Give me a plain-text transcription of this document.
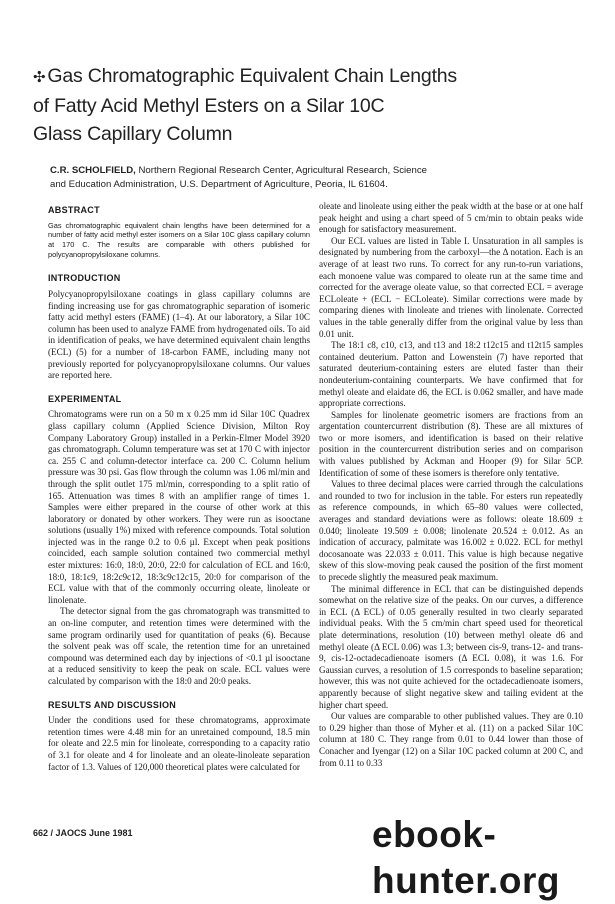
✣ Gas Chromatographic Equivalent Chain Lengths
of Fatty Acid Methyl Esters on a Silar 10C
Glass Capillary Column
C.R. SCHOLFIELD, Northern Regional Research Center, Agricultural Research, Science
and Education Administration, U.S. Department of Agriculture, Peoria, IL 61604.
ABSTRACT
Gas chromatographic equivalent chain lengths have been determined for a number of fatty acid methyl ester isomers on a Silar 10C glass capillary column at 170 C. The results are comparable with others published for polycyanopropylsiloxane columns.
INTRODUCTION

Polycyanopropylsiloxane coatings in glass capillary columns are finding increasing use for gas chromatographic separation of isomeric fatty acid methyl esters (FAME) (1–4). At our laboratory, a Silar 10C column has been used to analyze FAME from hydrogenated oils. To aid in identification of peaks, we have determined equivalent chain lengths (ECL) (5) for a number of 18-carbon FAME, including many not previously reported for polycyanopropylsiloxane columns. Our values are reported here.

EXPERIMENTAL

Chromatograms were run on a 50 m x 0.25 mm id Silar 10C Quadrex glass capillary column (Applied Science Division, Milton Roy Company Laboratory Group) installed in a Perkin-Elmer Model 3920 gas chromatograph. Column temperature was set at 170 C with injector ca. 255 C and column-detector interface ca. 200 C. Column helium pressure was 30 psi. Gas flow through the column was 1.06 ml/min and through the split outlet 175 ml/min, corresponding to a split ratio of 165. Attenuation was times 8 with an amplifier range of times 1. Samples were either prepared in the course of other work at this laboratory or donated by other workers. They were run as isooctane solutions (usually 1%) mixed with reference compounds. Total solution injected was in the range 0.2 to 0.6 µl. Except when peak positions coincided, each sample solution contained two commercial methyl ester mixtures: 16:0, 18:0, 20:0, 22:0 for calculation of ECL and 16:0, 18:0, 18:1c9, 18:2c9c12, 18:3c9c12c15, 20:0 for comparison of the ECL value with that of the commonly occurring oleate, linoleate or linolenate.

The detector signal from the gas chromatograph was transmitted to an on-line computer, and retention times were determined with the same program ordinarily used for quantitation of peaks (6). Because the solvent peak was off scale, the retention time for an unretained compound was determined each day by injections of <0.1 µl isooctane at a reduced sensitivity to keep the peak on scale. ECL values were calculated by comparison with the 18:0 and 20:0 peaks.

RESULTS AND DISCUSSION

Under the conditions used for these chromatograms, approximate retention times were 4.48 min for an unretained compound, 18.5 min for oleate and 22.5 min for linoleate, corresponding to a capacity ratio of 3.1 for oleate and 4 for linoleate and an oleate-linoleate separation factor of 1.3. Values of 120,000 theoretical plates were calculated for

oleate and linoleate using either the peak width at the base or at one half peak height and using a chart speed of 5 cm/min to obtain peaks wide enough for satisfactory measurement.

Our ECL values are listed in Table I. Unsaturation in all samples is designated by numbering from the carboxyl—the Δ notation. Each is an average of at least two runs. To correct for any run-to-run variations, each monoene value was compared to oleate run at the same time and corrected for the average oleate value, so that corrected ECL = average ECLoleate + (ECL − ECLoleate). Similar corrections were made by comparing dienes with linoleate and trienes with linolenate. Corrected values in the table generally differ from the original value by less than 0.01 unit.

The 18:1 c8, c10, c13, and t13 and 18:2 t12c15 and t12t15 samples contained deuterium. Patton and Lowenstein (7) have reported that saturated deuterium-containing esters are eluted faster than their nondeuterium-containing counterparts. We have confirmed that for methyl oleate and elaidate d6, the ECL is 0.062 smaller, and have made appropriate corrections.

Samples for linolenate geometric isomers are fractions from an argentation countercurrent distribution (8). These are all mixtures of two or more isomers, and identification is based on their relative position in the countercurrent distribution series and on comparison with values published by Ackman and Hooper (9) for Silar 5CP. Identification of some of these isomers is therefore only tentative.

Values to three decimal places were carried through the calculations and rounded to two for inclusion in the table. For esters run repeatedly as reference compounds, in which 65–80 values were collected, averages and standard deviations were as follows: oleate 18.609 ± 0.040; linoleate 19.509 ± 0.008; linolenate 20.524 ± 0.012. As an indication of accuracy, palmitate was 16.002 ± 0.022. ECL for methyl docosanoate was 22.033 ± 0.011. This value is high because negative skew of this slow-moving peak caused the position of the first moment to precede slightly the measured peak maximum.

The minimal difference in ECL that can be distinguished depends somewhat on the relative size of the peaks. On our curves, a difference in ECL (Δ ECL) of 0.05 generally resulted in two clearly separated individual peaks. With the 5 cm/min chart speed used for theoretical plate determinations, resolution (10) between methyl oleate d6 and methyl oleate (Δ ECL 0.06) was 1.3; between cis-9, trans-12- and trans-9, cis-12-octadecadienoate isomers (Δ ECL 0.08), it was 1.6. For Gaussian curves, a resolution of 1.5 corresponds to baseline separation; however, this was not quite achieved for the octadecadienoate isomers, apparently because of slight negative skew and tailing evident at the higher chart speed.

Our values are comparable to other published values. They are 0.10 to 0.29 higher than those of Myher et al. (11) on a packed Silar 10C column at 180 C. They range from 0.01 to 0.44 lower than those of Conacher and Iyengar (12) on a Silar 10C packed column at 200 C, and from 0.11 to 0.33

662 / JAOCS June 1981	ebook-hunter.org
